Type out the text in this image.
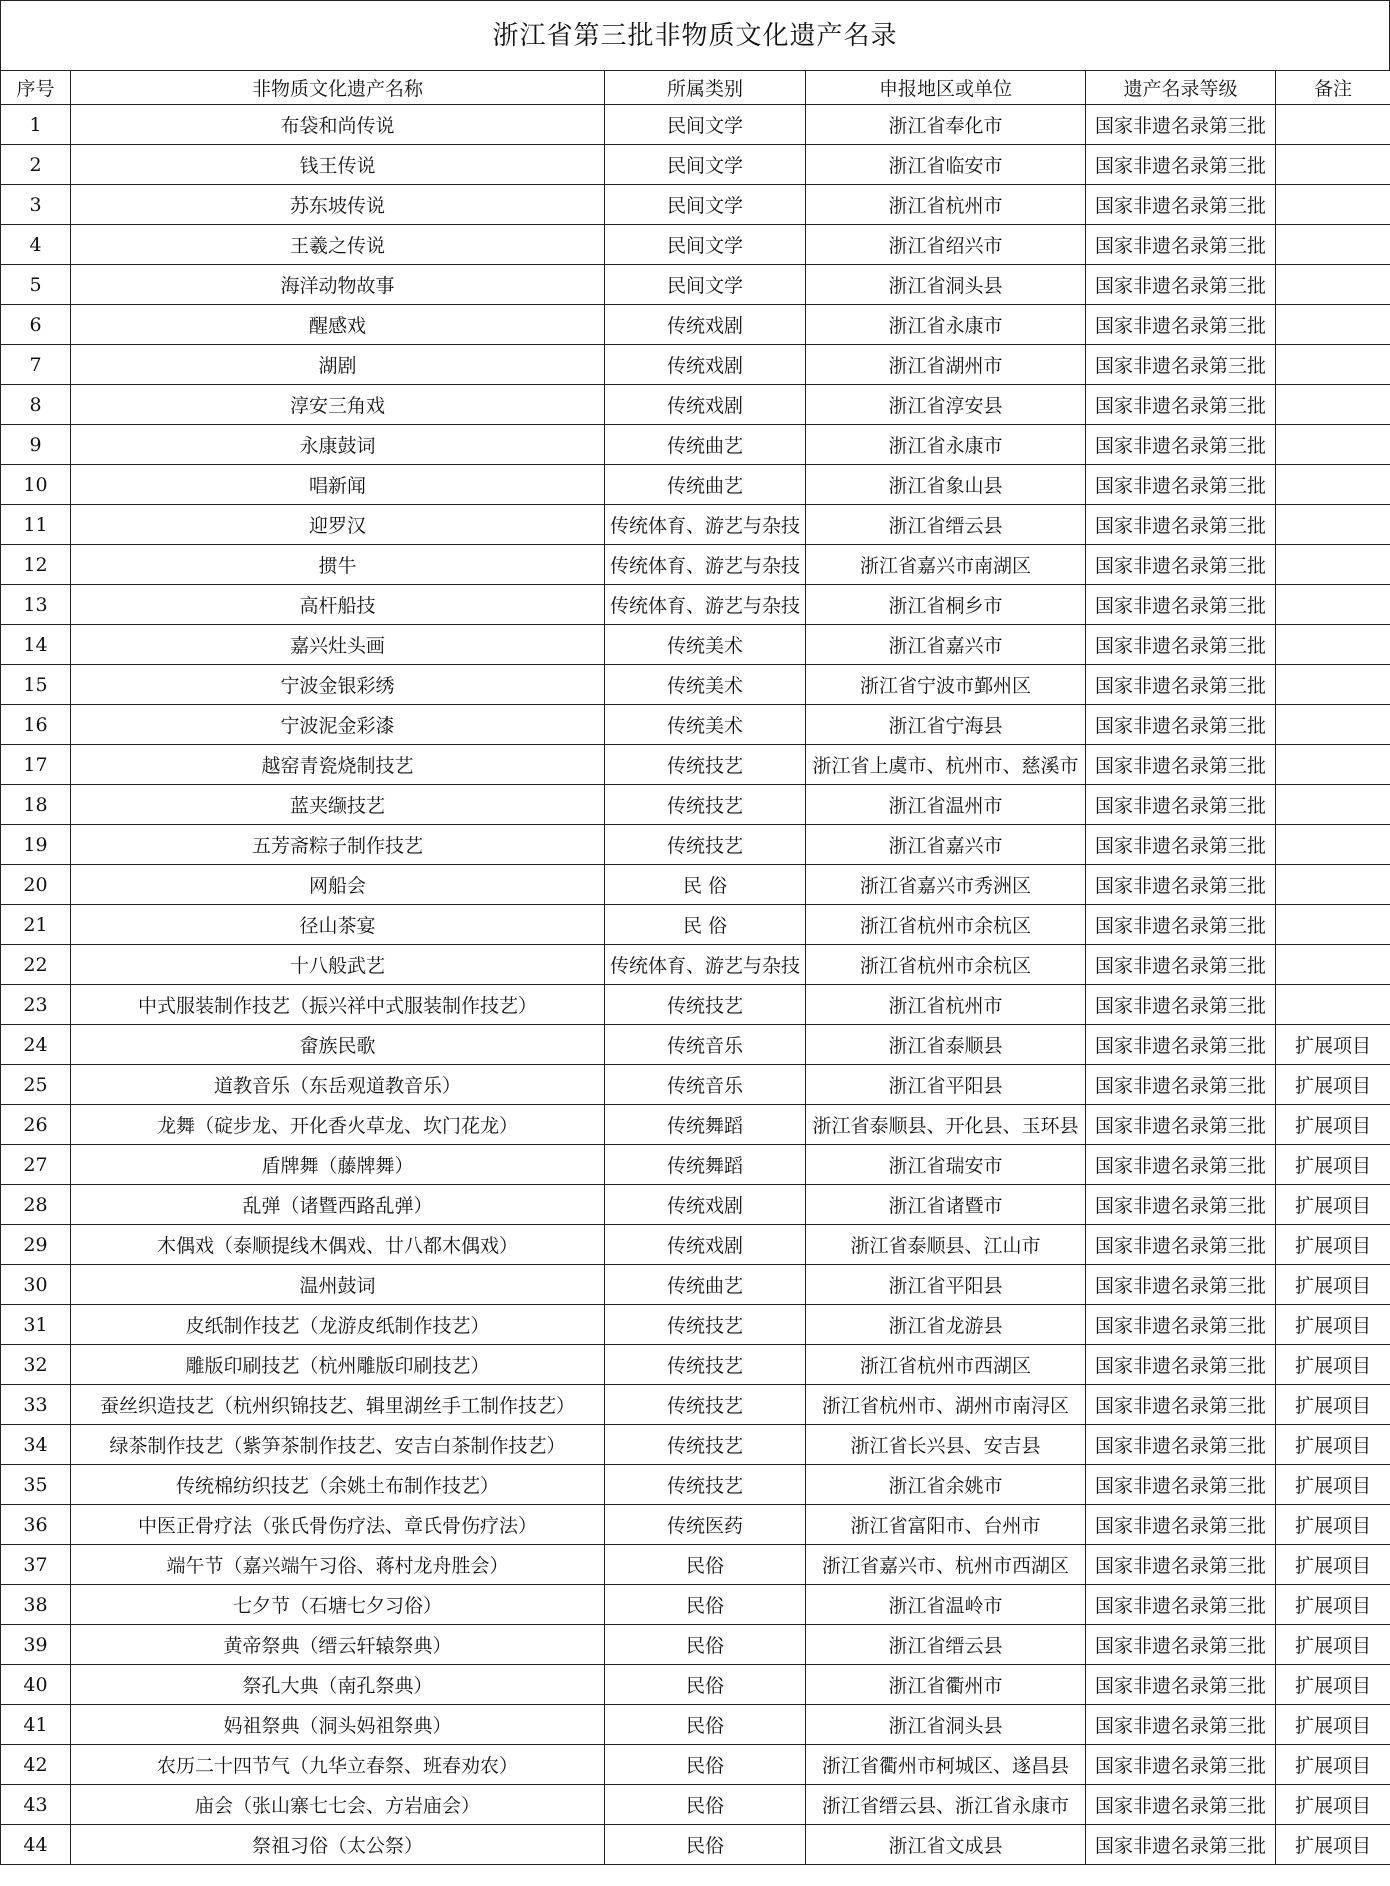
浙江省第三批非物质文化遗产名录
序号	非物质文化遗产名称	所属类别	申报地区或单位	遗产名录等级	备注
1	布袋和尚传说	民间文学	浙江省奉化市	国家非遗名录第三批	
2	钱王传说	民间文学	浙江省临安市	国家非遗名录第三批	
3	苏东坡传说	民间文学	浙江省杭州市	国家非遗名录第三批	
4	王羲之传说	民间文学	浙江省绍兴市	国家非遗名录第三批	
5	海洋动物故事	民间文学	浙江省洞头县	国家非遗名录第三批	
6	醒感戏	传统戏剧	浙江省永康市	国家非遗名录第三批	
7	湖剧	传统戏剧	浙江省湖州市	国家非遗名录第三批	
8	淳安三角戏	传统戏剧	浙江省淳安县	国家非遗名录第三批	
9	永康鼓词	传统曲艺	浙江省永康市	国家非遗名录第三批	
10	唱新闻	传统曲艺	浙江省象山县	国家非遗名录第三批	
11	迎罗汉	传统体育、游艺与杂技	浙江省缙云县	国家非遗名录第三批	
12	掼牛	传统体育、游艺与杂技	浙江省嘉兴市南湖区	国家非遗名录第三批	
13	高杆船技	传统体育、游艺与杂技	浙江省桐乡市	国家非遗名录第三批	
14	嘉兴灶头画	传统美术	浙江省嘉兴市	国家非遗名录第三批	
15	宁波金银彩绣	传统美术	浙江省宁波市鄞州区	国家非遗名录第三批	
16	宁波泥金彩漆	传统美术	浙江省宁海县	国家非遗名录第三批	
17	越窑青瓷烧制技艺	传统技艺	浙江省上虞市、杭州市、慈溪市	国家非遗名录第三批	
18	蓝夹缬技艺	传统技艺	浙江省温州市	国家非遗名录第三批	
19	五芳斋粽子制作技艺	传统技艺	浙江省嘉兴市	国家非遗名录第三批	
20	网船会	民 俗	浙江省嘉兴市秀洲区	国家非遗名录第三批	
21	径山茶宴	民 俗	浙江省杭州市余杭区	国家非遗名录第三批	
22	十八般武艺	传统体育、游艺与杂技	浙江省杭州市余杭区	国家非遗名录第三批	
23	中式服装制作技艺（振兴祥中式服装制作技艺）	传统技艺	浙江省杭州市	国家非遗名录第三批	
24	畲族民歌	传统音乐	浙江省泰顺县	国家非遗名录第三批	扩展项目
25	道教音乐（东岳观道教音乐）	传统音乐	浙江省平阳县	国家非遗名录第三批	扩展项目
26	龙舞（碇步龙、开化香火草龙、坎门花龙）	传统舞蹈	浙江省泰顺县、开化县、玉环县	国家非遗名录第三批	扩展项目
27	盾牌舞（藤牌舞）	传统舞蹈	浙江省瑞安市	国家非遗名录第三批	扩展项目
28	乱弹（诸暨西路乱弹）	传统戏剧	浙江省诸暨市	国家非遗名录第三批	扩展项目
29	木偶戏（泰顺提线木偶戏、廿八都木偶戏）	传统戏剧	浙江省泰顺县、江山市	国家非遗名录第三批	扩展项目
30	温州鼓词	传统曲艺	浙江省平阳县	国家非遗名录第三批	扩展项目
31	皮纸制作技艺（龙游皮纸制作技艺）	传统技艺	浙江省龙游县	国家非遗名录第三批	扩展项目
32	雕版印刷技艺（杭州雕版印刷技艺）	传统技艺	浙江省杭州市西湖区	国家非遗名录第三批	扩展项目
33	蚕丝织造技艺（杭州织锦技艺、辑里湖丝手工制作技艺）	传统技艺	浙江省杭州市、湖州市南浔区	国家非遗名录第三批	扩展项目
34	绿茶制作技艺（紫笋茶制作技艺、安吉白茶制作技艺）	传统技艺	浙江省长兴县、安吉县	国家非遗名录第三批	扩展项目
35	传统棉纺织技艺（余姚土布制作技艺）	传统技艺	浙江省余姚市	国家非遗名录第三批	扩展项目
36	中医正骨疗法（张氏骨伤疗法、章氏骨伤疗法）	传统医药	浙江省富阳市、台州市	国家非遗名录第三批	扩展项目
37	端午节（嘉兴端午习俗、蒋村龙舟胜会）	民俗	浙江省嘉兴市、杭州市西湖区	国家非遗名录第三批	扩展项目
38	七夕节（石塘七夕习俗）	民俗	浙江省温岭市	国家非遗名录第三批	扩展项目
39	黄帝祭典（缙云轩辕祭典）	民俗	浙江省缙云县	国家非遗名录第三批	扩展项目
40	祭孔大典（南孔祭典）	民俗	浙江省衢州市	国家非遗名录第三批	扩展项目
41	妈祖祭典（洞头妈祖祭典）	民俗	浙江省洞头县	国家非遗名录第三批	扩展项目
42	农历二十四节气（九华立春祭、班春劝农）	民俗	浙江省衢州市柯城区、遂昌县	国家非遗名录第三批	扩展项目
43	庙会（张山寨七七会、方岩庙会）	民俗	浙江省缙云县、浙江省永康市	国家非遗名录第三批	扩展项目
44	祭祖习俗（太公祭）	民俗	浙江省文成县	国家非遗名录第三批	扩展项目
